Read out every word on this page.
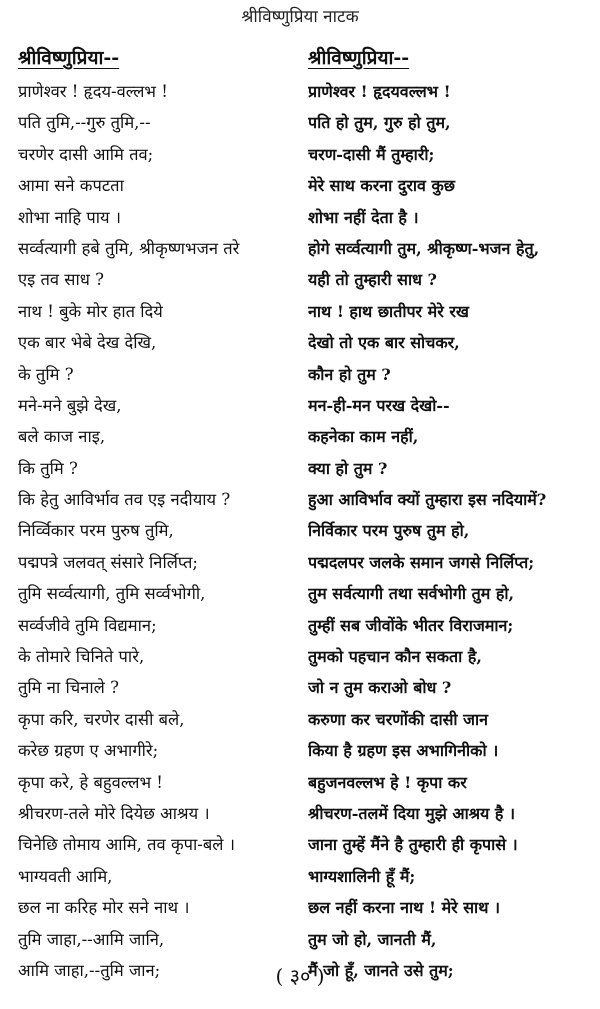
श्रीविष्णुप्रिया नाटक
श्रीविष्णुप्रिया--
प्राणेश्वर ! हृदय-वल्लभ !
पति तुमि,--गुरु तुमि,--
चरणेर दासी आमि तव;
आमा सने कपटता
शोभा नाहि पाय ।
सर्व्वत्यागी हबे तुमि, श्रीकृष्णभजन तरे
एइ तव साध ?
नाथ ! बुके मोर हात दिये
एक बार भेबे देख देखि,
के तुमि ?
मने-मने बुझे देख,
बले काज नाइ,
कि तुमि ?
कि हेतु आविर्भाव तव एइ नदीयाय ?
निर्व्विकार परम पुरुष तुमि,
पद्मपत्रे जलवत् संसारे निर्लिप्त;
तुमि सर्व्वत्यागी, तुमि सर्व्वभोगी,
सर्व्वजीवे तुमि विद्यमान;
के तोमारे चिनिते पारे,
तुमि ना चिनाले ?
कृपा करि, चरणेर दासी बले,
करेछ ग्रहण ए अभागीरे;
कृपा करे, हे बहुवल्लभ !
श्रीचरण-तले मोरे दियेछ आश्रय ।
चिनेछि तोमाय आमि, तव कृपा-बले ।
भाग्यवती आमि,
छल ना करिह मोर सने नाथ ।
तुमि जाहा,--आमि जानि,
आमि जाहा,--तुमि जान;
श्रीविष्णुप्रिया--
प्राणेश्वर ! हृदयवल्लभ !
पति हो तुम, गुरु हो तुम,
चरण-दासी मैं तुम्हारी;
मेरे साथ करना दुराव कुछ
शोभा नहीं देता है ।
होगे सर्व्वत्यागी तुम, श्रीकृष्ण-भजन हेतु,
यही तो तुम्हारी साध ?
नाथ ! हाथ छातीपर मेरे रख
देखो तो एक बार सोचकर,
कौन हो तुम ?
मन-ही-मन परख देखो--
कहनेका काम नहीं,
क्या हो तुम ?
हुआ आविर्भाव क्यों तुम्हारा इस नदियामें?
निर्विकार परम पुरुष तुम हो,
पद्मदलपर जलके समान जगसे निर्लिप्त;
तुम सर्वत्यागी तथा सर्वभोगी तुम हो,
तुम्हीं सब जीवोंके भीतर विराजमान;
तुमको पहचान कौन सकता है,
जो न तुम कराओ बोध ?
करुणा कर चरणोंकी दासी जान
किया है ग्रहण इस अभागिनीको ।
बहुजनवल्लभ हे ! कृपा कर
श्रीचरण-तलमें दिया मुझे आश्रय है ।
जाना तुम्हें मैंने है तुम्हारी ही कृपासे ।
भाग्यशालिनी हूँ मैं;
छल नहीं करना नाथ ! मेरे साथ ।
तुम जो हो, जानती मैं,
मैं जो हूँ, जानते उसे तुम;
( ३० )
